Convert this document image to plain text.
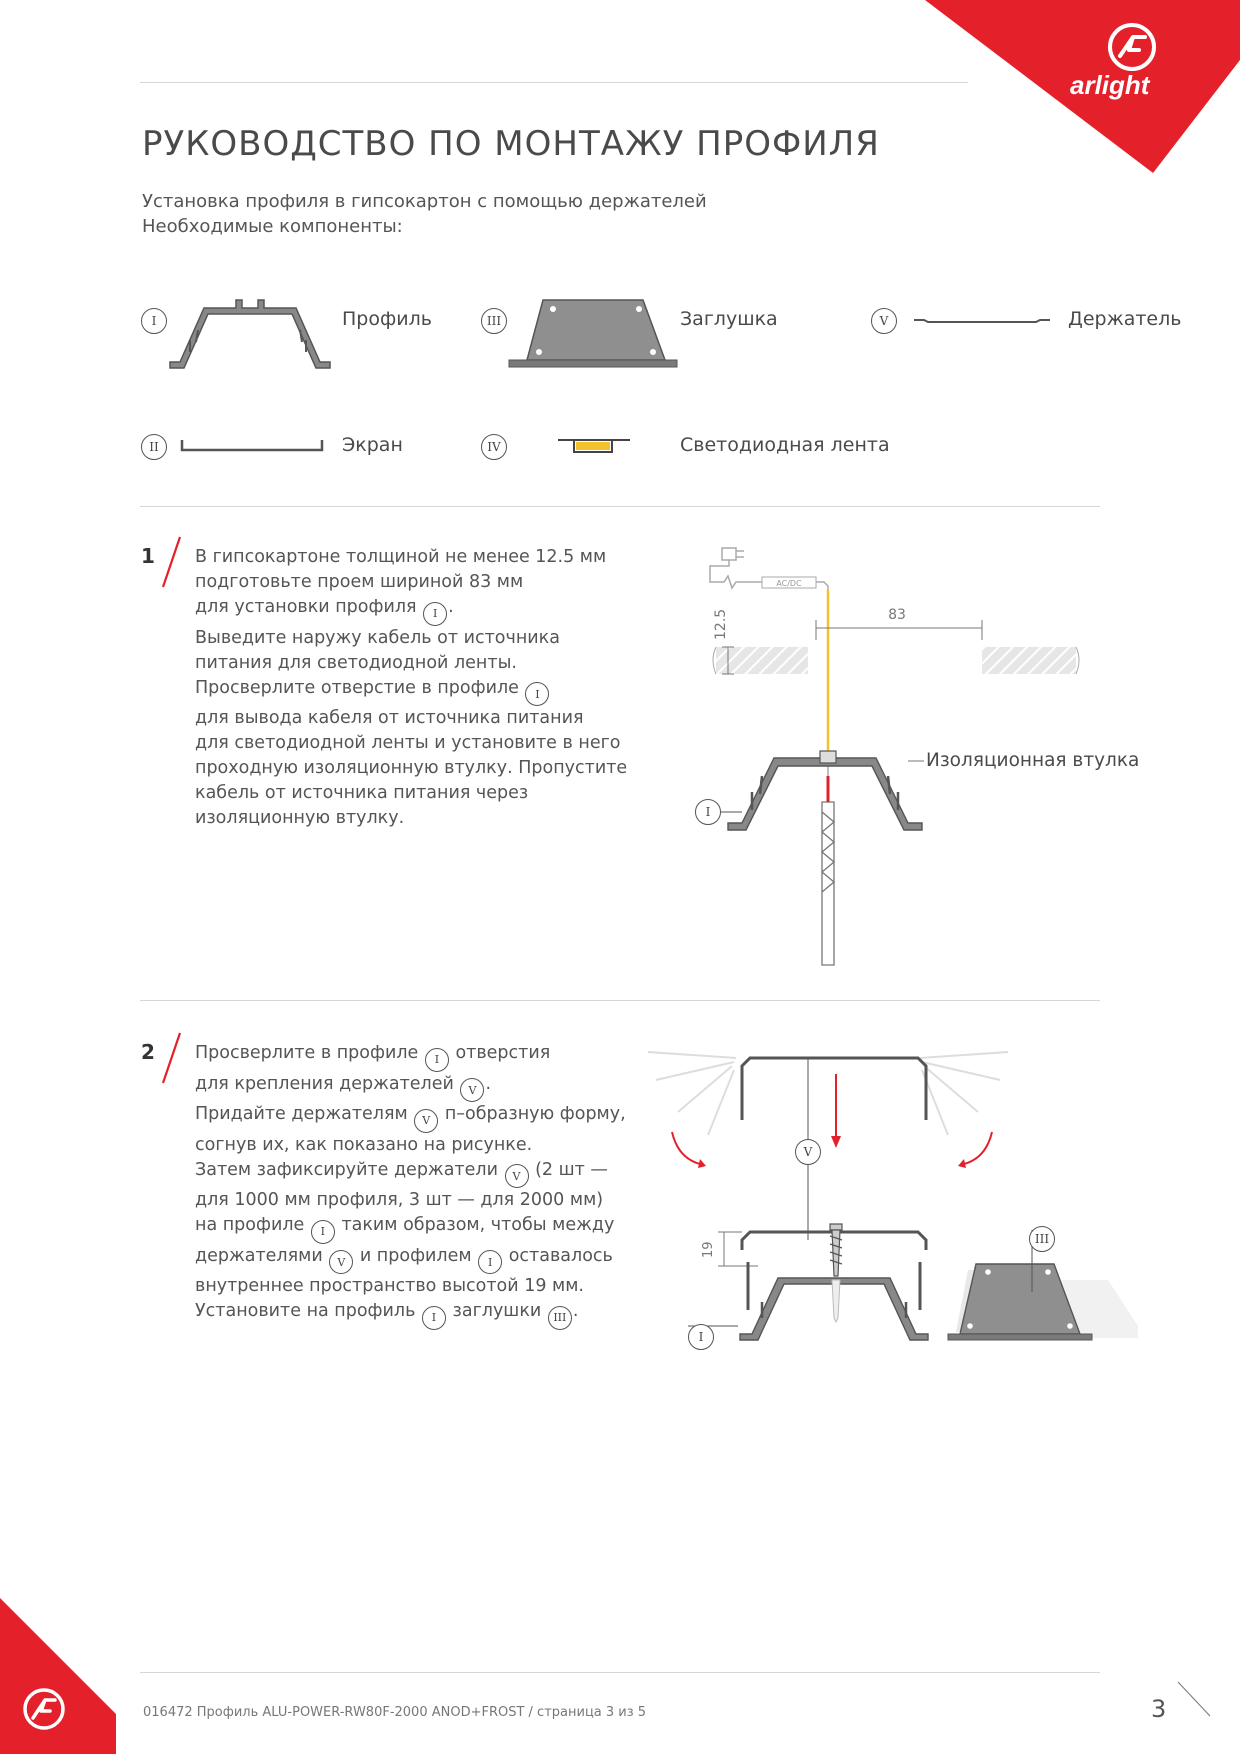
arlight
РУКОВОДСТВО ПО МОНТАЖУ ПРОФИЛЯ
Установка профиля в гипсокартон с помощью держателей
Необходимые компоненты:
I	Профиль	III	Заглушка	V	Держатель
II	Экран	IV	Светодиодная лента
1 В гипсокартоне толщиной не менее 12.5 мм
подготовьте проем шириной 83 мм
для установки профиля I .
Выведите наружу кабель от источника
питания для светодиодной ленты.
Просверлите отверстие в профиле I
для вывода кабеля от источника питания
для светодиодной ленты и установите в него
проходную изоляционную втулку. Пропустите
кабель от источника питания через
изоляционную втулку.
AC/DC
12.5	83
I
Изоляционная втулка
2 Просверлите в профиле I отверстия
для крепления держателей V .
Придайте держателям V п–образную форму,
согнув их, как показано на рисунке.
Затем зафиксируйте держатели V (2 шт —
для 1000 мм профиля, 3 шт — для 2000 мм)
на профиле I таким образом, чтобы между
держателями V и профилем I оставалось
внутреннее пространство высотой 19 мм.
Установите на профиль I заглушки III .
19
V
I
III
016472 Профиль ALU-POWER-RW80F-2000 ANOD+FROST / страница 3 из 5	3
